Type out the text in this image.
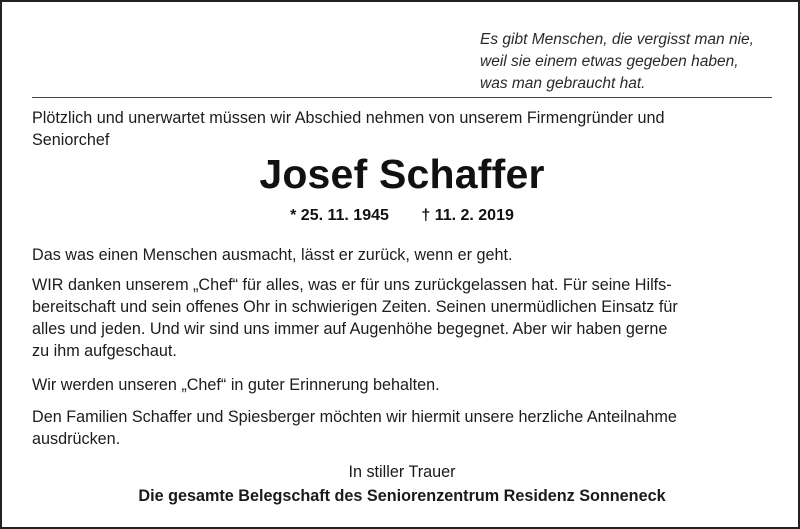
Es gibt Menschen, die vergisst man nie,
weil sie einem etwas gegeben haben,
was man gebraucht hat.
Plötzlich und unerwartet müssen wir Abschied nehmen von unserem Firmengründer und
Seniorchef
Josef Schaffer
* 25. 11. 1945 † 11. 2. 2019
Das was einen Menschen ausmacht, lässt er zurück, wenn er geht.
WIR danken unserem „Chef“ für alles, was er für uns zurückgelassen hat. Für seine Hilfs-
bereitschaft und sein offenes Ohr in schwierigen Zeiten. Seinen unermüdlichen Einsatz für
alles und jeden. Und wir sind uns immer auf Augenhöhe begegnet. Aber wir haben gerne
zu ihm aufgeschaut.
Wir werden unseren „Chef“ in guter Erinnerung behalten.
Den Familien Schaffer und Spiesberger möchten wir hiermit unsere herzliche Anteilnahme
ausdrücken.
In stiller Trauer
Die gesamte Belegschaft des Seniorenzentrum Residenz Sonneneck
